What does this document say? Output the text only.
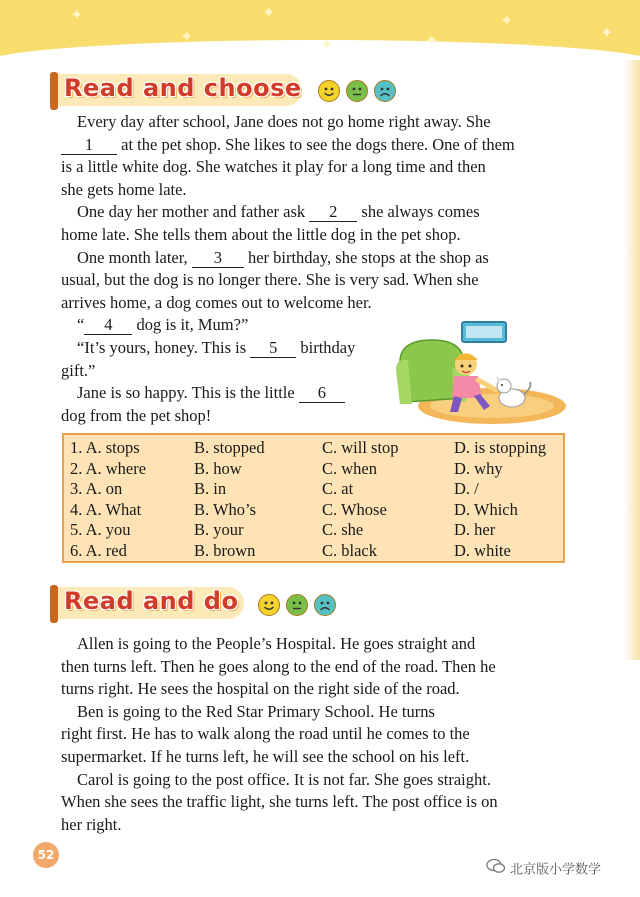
✦
✦
✦
✦	✦
✦
✦
Read and choose

Every day after school, Jane does not go home right away. She
1 at the pet shop. She likes to see the dogs there. One of them
is a little white dog. She watches it play for a long time and then
she gets home late.
One day her mother and father ask 2 she always comes
home late. She tells them about the little dog in the pet shop.
One month later, 3 her birthday, she stops at the shop as
usual, but the dog is no longer there. She is very sad. When she
arrives home, a dog comes out to welcome her.
“ 4 dog is it, Mum?”
“It’s yours, honey. This is 5 birthday
gift.”
Jane is so happy. This is the little 6
dog from the pet shop!
1. A. stops	B. stopped	C. will stop	D. is stopping
2. A. where	B. how	C. when	D. why
3. A. on	B. in	C. at	D. /
4. A. What	B. Who’s	C. Whose	D. Which
5. A. you	B. your	C. she	D. her
6. A. red	B. brown	C. black	D. white
Read and do

Allen is going to the People’s Hospital. He goes straight and
then turns left. Then he goes along to the end of the road. Then he
turns right. He sees the hospital on the right side of the road.
Ben is going to the Red Star Primary School. He turns
right first. He has to walk along the road until he comes to the
supermarket. If he turns left, he will see the school on his left.
Carol is going to the post office. It is not far. She goes straight.
When she sees the traffic light, she turns left. The post office is on
her right.
52
北京版小学数学
